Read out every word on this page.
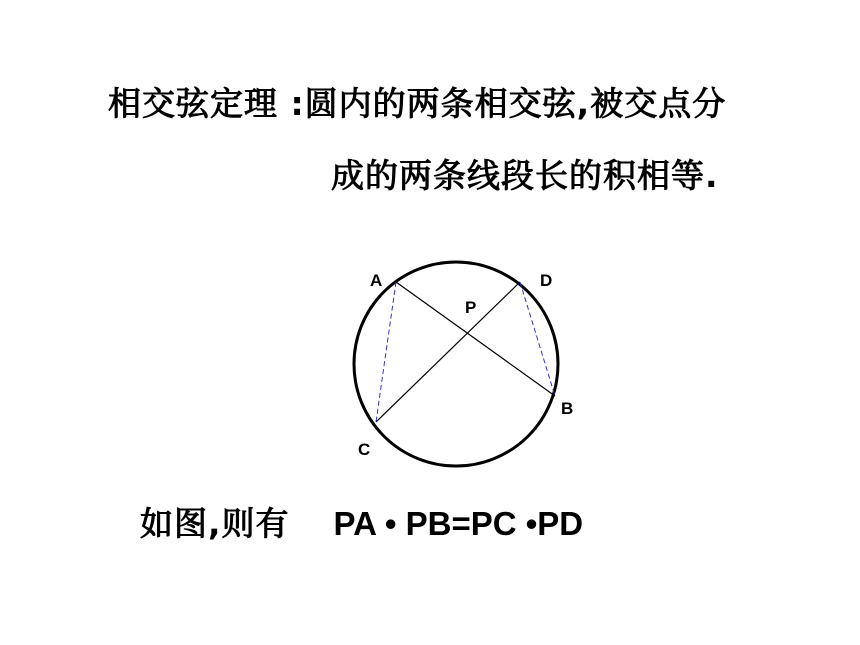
相交弦定理 :圆内的两条相交弦,被交点分
成的两条线段长的积相等.
A	D
P
B
C
如图,则有 PA • PB=PC •PD
